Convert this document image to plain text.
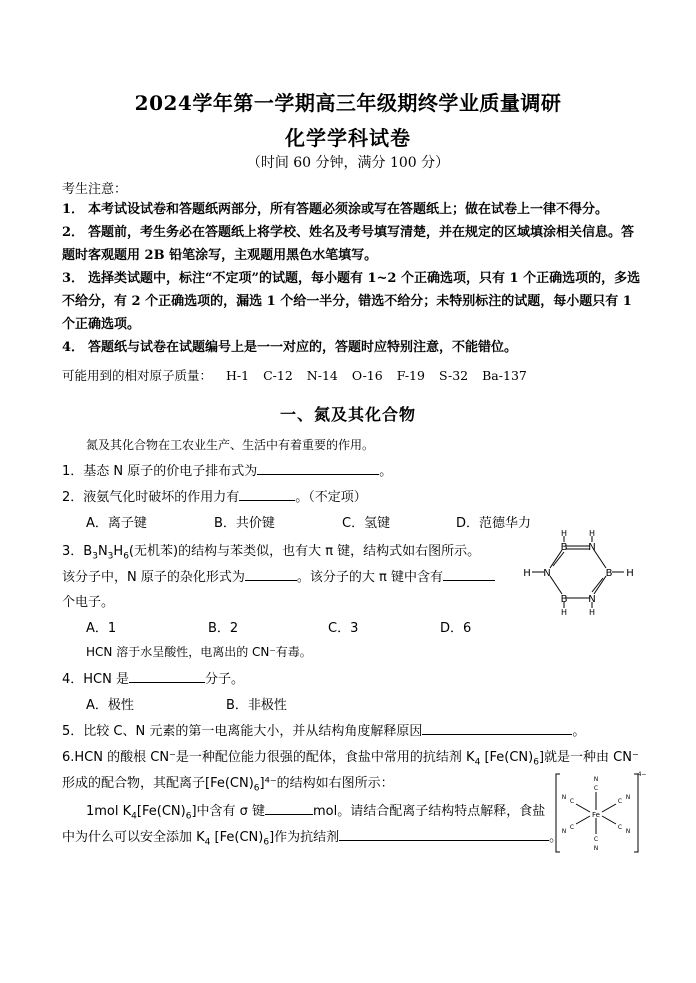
2024学年第一学期高三年级期终学业质量调研
化学学科试卷
（时间 60 分钟，满分 100 分）
考生注意：
1． 本考试设试卷和答题纸两部分，所有答题必须涂或写在答题纸上；做在试卷上一律不得分。
2． 答题前，考生务必在答题纸上将学校、姓名及考号填写清楚，并在规定的区域填涂相关信息。答题时客观题用 2B 铅笔涂写，主观题用黑色水笔填写。
3． 选择类试题中，标注“不定项”的试题，每小题有 1~2 个正确选项，只有 1 个正确选项的，多选不给分，有 2 个正确选项的，漏选 1 个给一半分，错选不给分；未特别标注的试题，每小题只有 1 个正确选项。
4． 答题纸与试卷在试题编号上是一一对应的，答题时应特别注意，不能错位。
可能用到的相对原子质量： H-1 C-12 N-14 O-16 F-19 S-32 Ba-137
一、氮及其化合物
氮及其化合物在工农业生产、生活中有着重要的作用。
1．基态 N 原子的价电子排布式为	。
2．液氨气化时破坏的作用力有	。（不定项）
A．离子键	B．共价键	C．氢键	D．范德华力
3．$B_3N_3H_6$(无机苯)的结构与苯类似，也有大 π 键，结构式如右图所示。
该分子中，N 原子的杂化形式为	。该分子的大 π 键中含有
个电子。
A．1	B．2	C．3	D．6
B N
B
N
B
N	H
H
H
H
H
H
HCN 溶于水呈酸性，电离出的 CN⁻有毒。
4．HCN 是	分子。
A．极性	B．非极性
5．比较 C、N 元素的第一电离能大小，并从结构角度解释原因	。
6.HCN 的酸根 CN⁻是一种配位能力很强的配体，食盐中常用的抗结剂 $K_4$ $[Fe(CN)_6]$就是一种由 CN⁻
形成的配合物，其配离子$[Fe(CN)_6]^{4-}$的结构如右图所示：
1mol $K_4[Fe(CN)_6]$中含有 σ 键	mol。请结合配离子结构特点解释，食盐
中为什么可以安全添加 $K_4$ $[Fe(CN)_6]$作为抗结剂	。
Fe
C
N
C
N
C
N
C
N
C
N
C
N
4−
